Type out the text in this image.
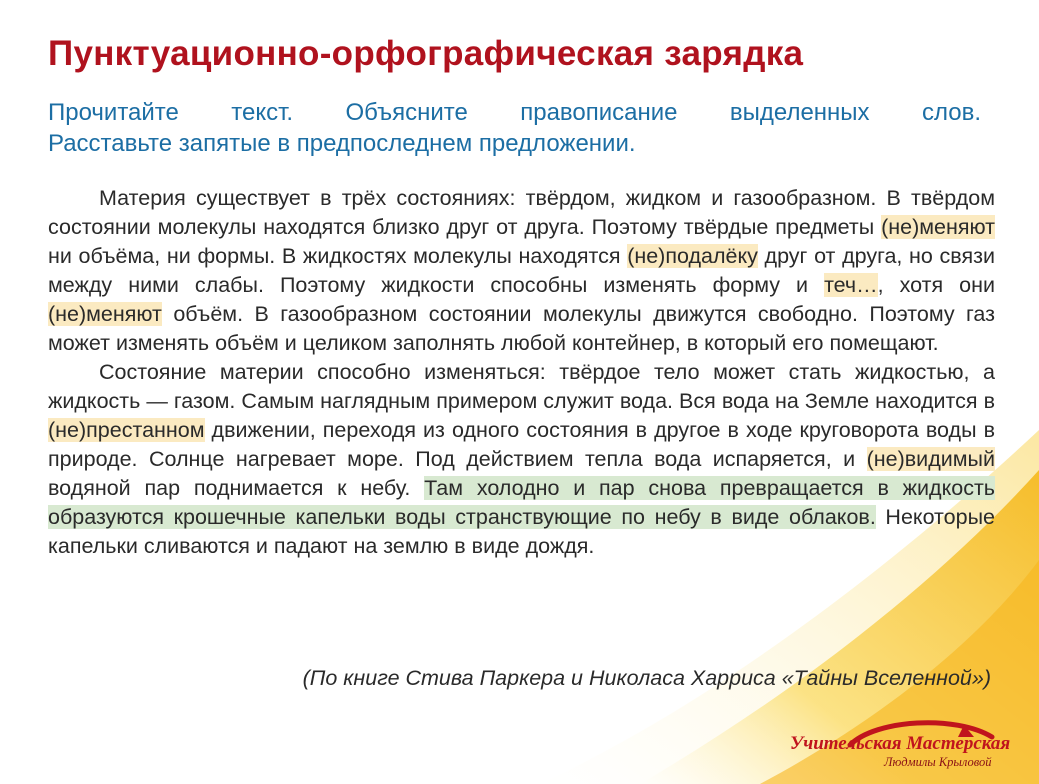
Пунктуационно-орфографическая зарядка
Прочитайте текст. Объясните правописание выделенных слов.
Расставьте запятые в предпоследнем предложении.

Материя существует в трёх состояниях: твёрдом, жидком и газообразном. В твёрдом состоянии молекулы находятся близко друг от друга. Поэтому твёрдые предметы (не)меняют ни объёма, ни формы. В жидкостях молекулы находятся (не)подалёку друг от друга, но связи между ними слабы. Поэтому жидкости способны изменять форму и теч…, хотя они (не)меняют объём. В газообразном состоянии молекулы движутся свободно. Поэтому газ может изменять объём и целиком заполнять любой контейнер, в который его помещают.

Состояние материи способно изменяться: твёрдое тело может стать жидкостью, а жидкость — газом. Самым наглядным примером служит вода. Вся вода на Земле находится в (не)престанном движении, переходя из одного состояния в другое в ходе круговорота воды в природе. Солнце нагревает море. Под действием тепла вода испаряется, и (не)видимый водяной пар поднимается к небу. Там холодно и пар снова превращается в жидкость образуются крошечные капельки воды странствующие по небу в виде облаков. Некоторые капельки сливаются и падают на землю в виде дождя.

(По книге Стива Паркера и Николаса Харриса «Тайны Вселенной»)
Учительская Мастерская
Людмилы Крыловой
